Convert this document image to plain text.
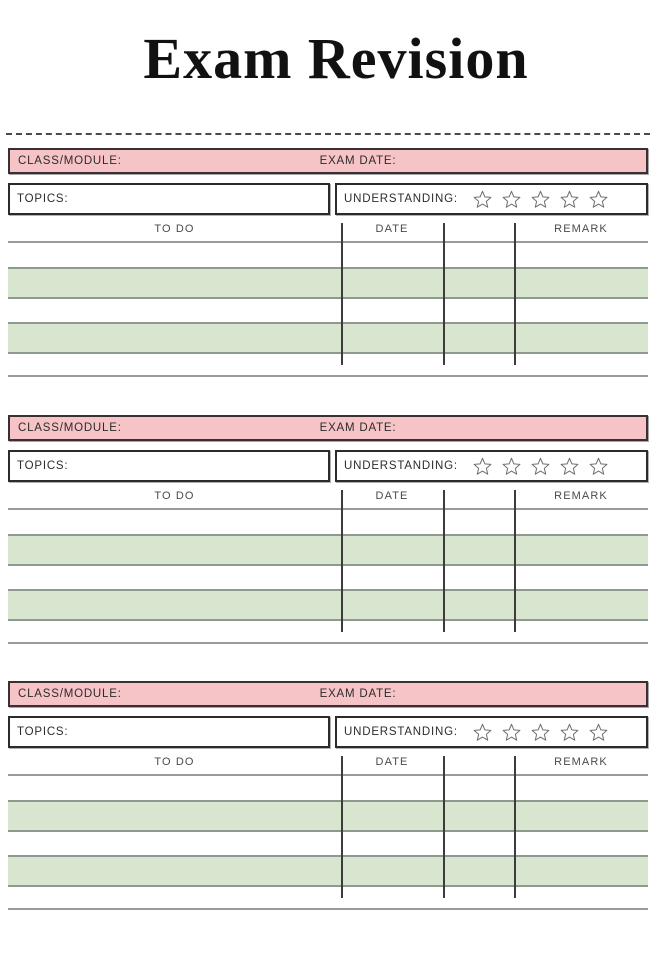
Exam Revision
CLASS/MODULE:	EXAM DATE:
TOPICS:	UNDERSTANDING:
TO DO	DATE	REMARK
CLASS/MODULE:	EXAM DATE:
TOPICS:	UNDERSTANDING:
TO DO	DATE	REMARK
CLASS/MODULE:	EXAM DATE:
TOPICS:	UNDERSTANDING:
TO DO	DATE	REMARK
